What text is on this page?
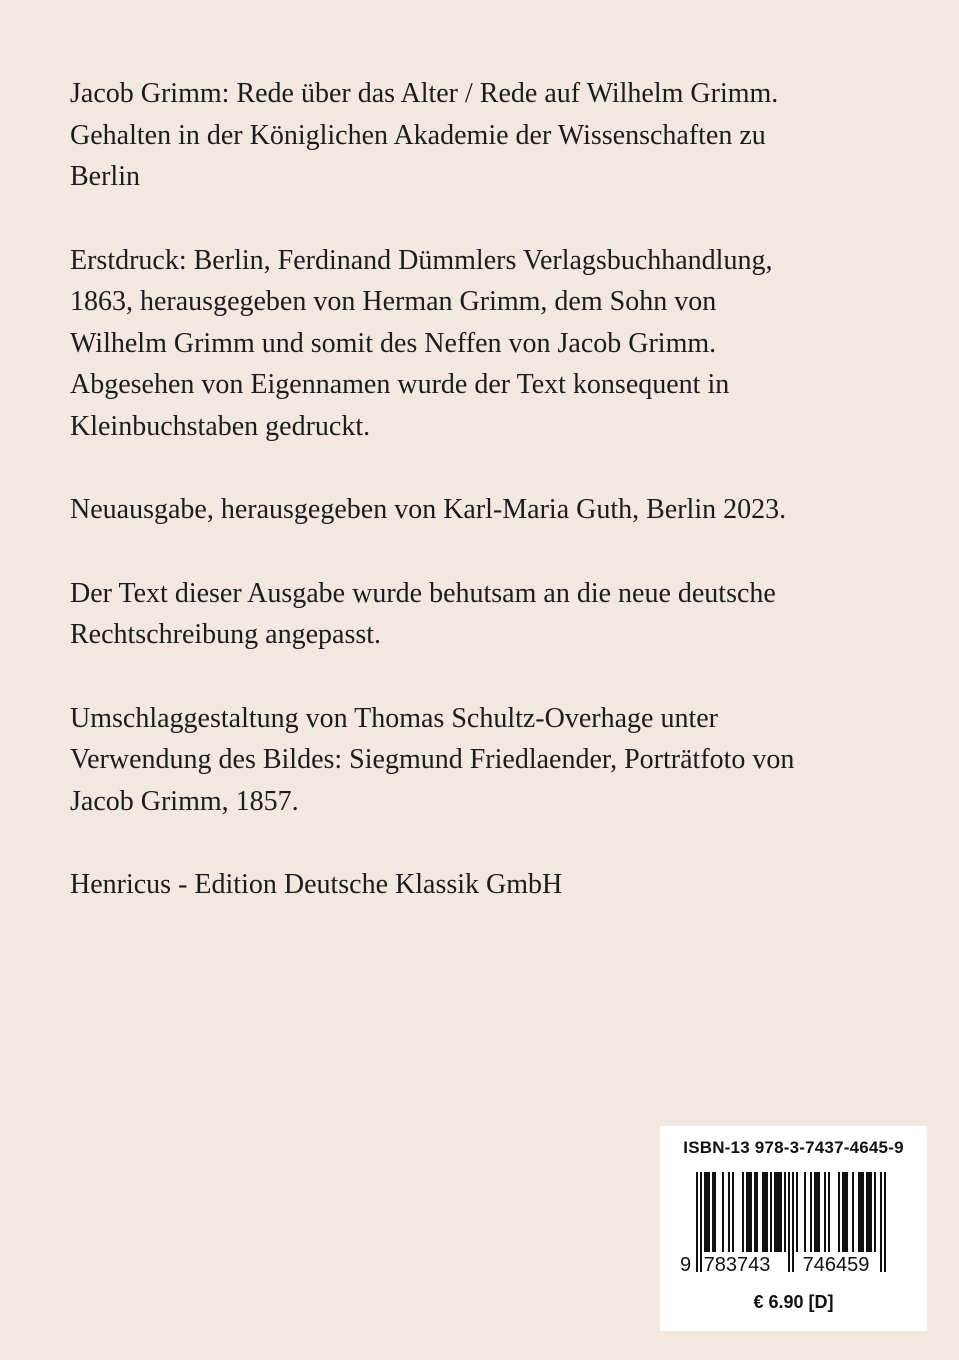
Jacob Grimm: Rede über das Alter / Rede auf Wilhelm Grimm.
Gehalten in der Königlichen Akademie der Wissenschaften zu
Berlin

Erstdruck: Berlin, Ferdinand Dümmlers Verlagsbuchhandlung,
1863, herausgegeben von Herman Grimm, dem Sohn von
Wilhelm Grimm und somit des Neffen von Jacob Grimm.
Abgesehen von Eigennamen wurde der Text konsequent in
Kleinbuchstaben gedruckt.

Neuausgabe, herausgegeben von Karl-Maria Guth, Berlin 2023.

Der Text dieser Ausgabe wurde behutsam an die neue deutsche
Rechtschreibung angepasst.

Umschlaggestaltung von Thomas Schultz-Overhage unter
Verwendung des Bildes: Siegmund Friedlaender, Porträtfoto von
Jacob Grimm, 1857.

Henricus - Edition Deutsche Klassik GmbH

ISBN-13 978-3-7437-4645-9
9 783743 746459
€ 6.90 [D]
